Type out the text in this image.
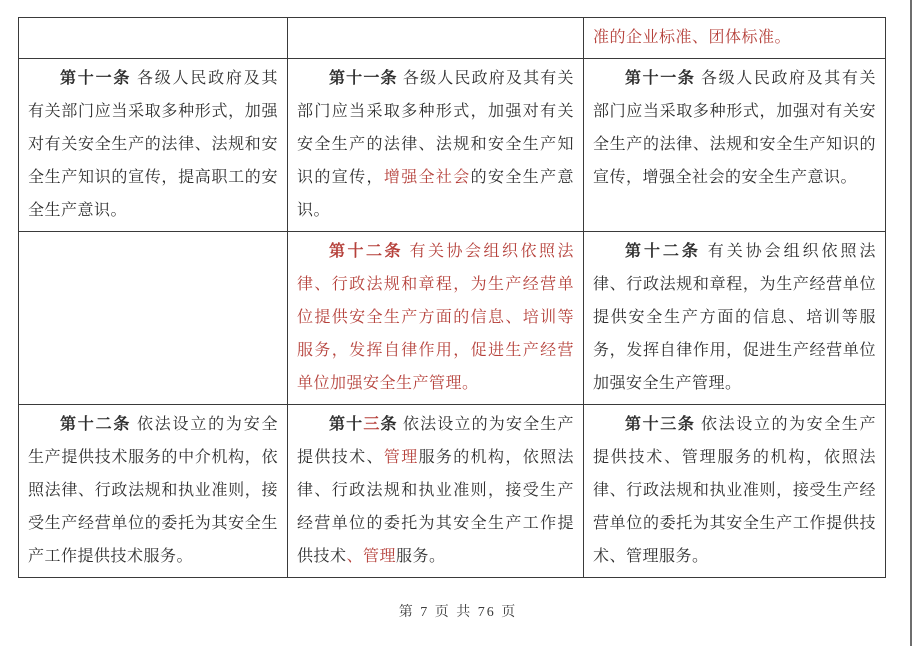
		准的企业标准、团体标准。
第十一条 各级人民政府及其有关部门应当采取多种形式，加强对有关安全生产的法律、法规和安全生产知识的宣传，提高职工的安全生产意识。	第十一条 各级人民政府及其有关部门应当采取多种形式，加强对有关安全生产的法律、法规和安全生产知识的宣传，增强全社会的安全生产意识。	第十一条 各级人民政府及其有关部门应当采取多种形式，加强对有关安全生产的法律、法规和安全生产知识的宣传，增强全社会的安全生产意识。
	第十二条 有关协会组织依照法律、行政法规和章程，为生产经营单位提供安全生产方面的信息、培训等服务，发挥自律作用，促进生产经营单位加强安全生产管理。	第十二条 有关协会组织依照法律、行政法规和章程，为生产经营单位提供安全生产方面的信息、培训等服务，发挥自律作用，促进生产经营单位加强安全生产管理。
第十二条 依法设立的为安全生产提供技术服务的中介机构，依照法律、行政法规和执业准则，接受生产经营单位的委托为其安全生产工作提供技术服务。	第十三条 依法设立的为安全生产提供技术、管理服务的机构，依照法律、行政法规和执业准则，接受生产经营单位的委托为其安全生产工作提供技术、管理服务。	第十三条 依法设立的为安全生产提供技术、管理服务的机构，依照法律、行政法规和执业准则，接受生产经营单位的委托为其安全生产工作提供技术、管理服务。
第 7 页 共 76 页
